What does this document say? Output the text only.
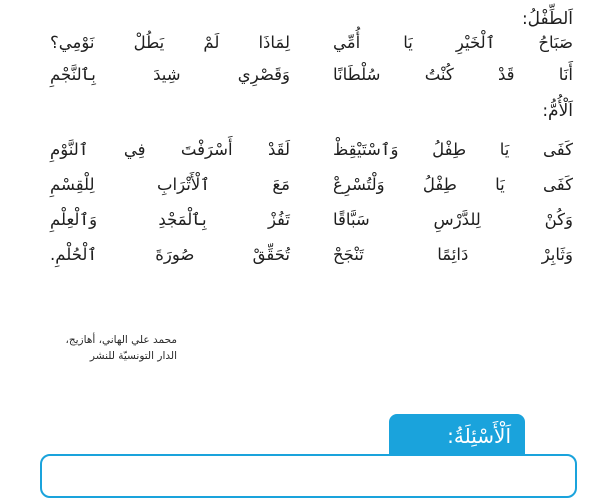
اَلطِّفْلُ:
صَبَاحُ ٱلْخَيْرِ يَا أُمِّي
لِمَاذَا لَمْ يَطُلْ نَوْمِي؟
أَنَا قَدْ كُنْتُ سُلْطَانًا
وَقَصْرِي شِيدَ بِٱلنَّجْمِ
اَلْأُمُّ:
كَفَى يَا طِفْلُ وَٱسْتَيْقِظْ
لَقَدْ أَسْرَفْتَ فِي ٱلنَّوْمِ
كَفَى يَا طِفْلُ وَلْتُسْرِعْ
مَعَ ٱلْأَتْرَابِ لِلْقِسْمِ
وَكُنْ لِلدَّرْسِ سَبَّاقًا
تَفُزْ بِٱلْمَجْدِ وَٱلْعِلْمِ
وَثَابِرْ دَائِمًا تَنْجَحْ
تُحَقِّقْ صُورَةَ ٱلْحُلْمِ.
محمد علي الهاني، أهازيج،
الدار التونسيّة للنشر
اَلْأَسْئِلَةُ:
